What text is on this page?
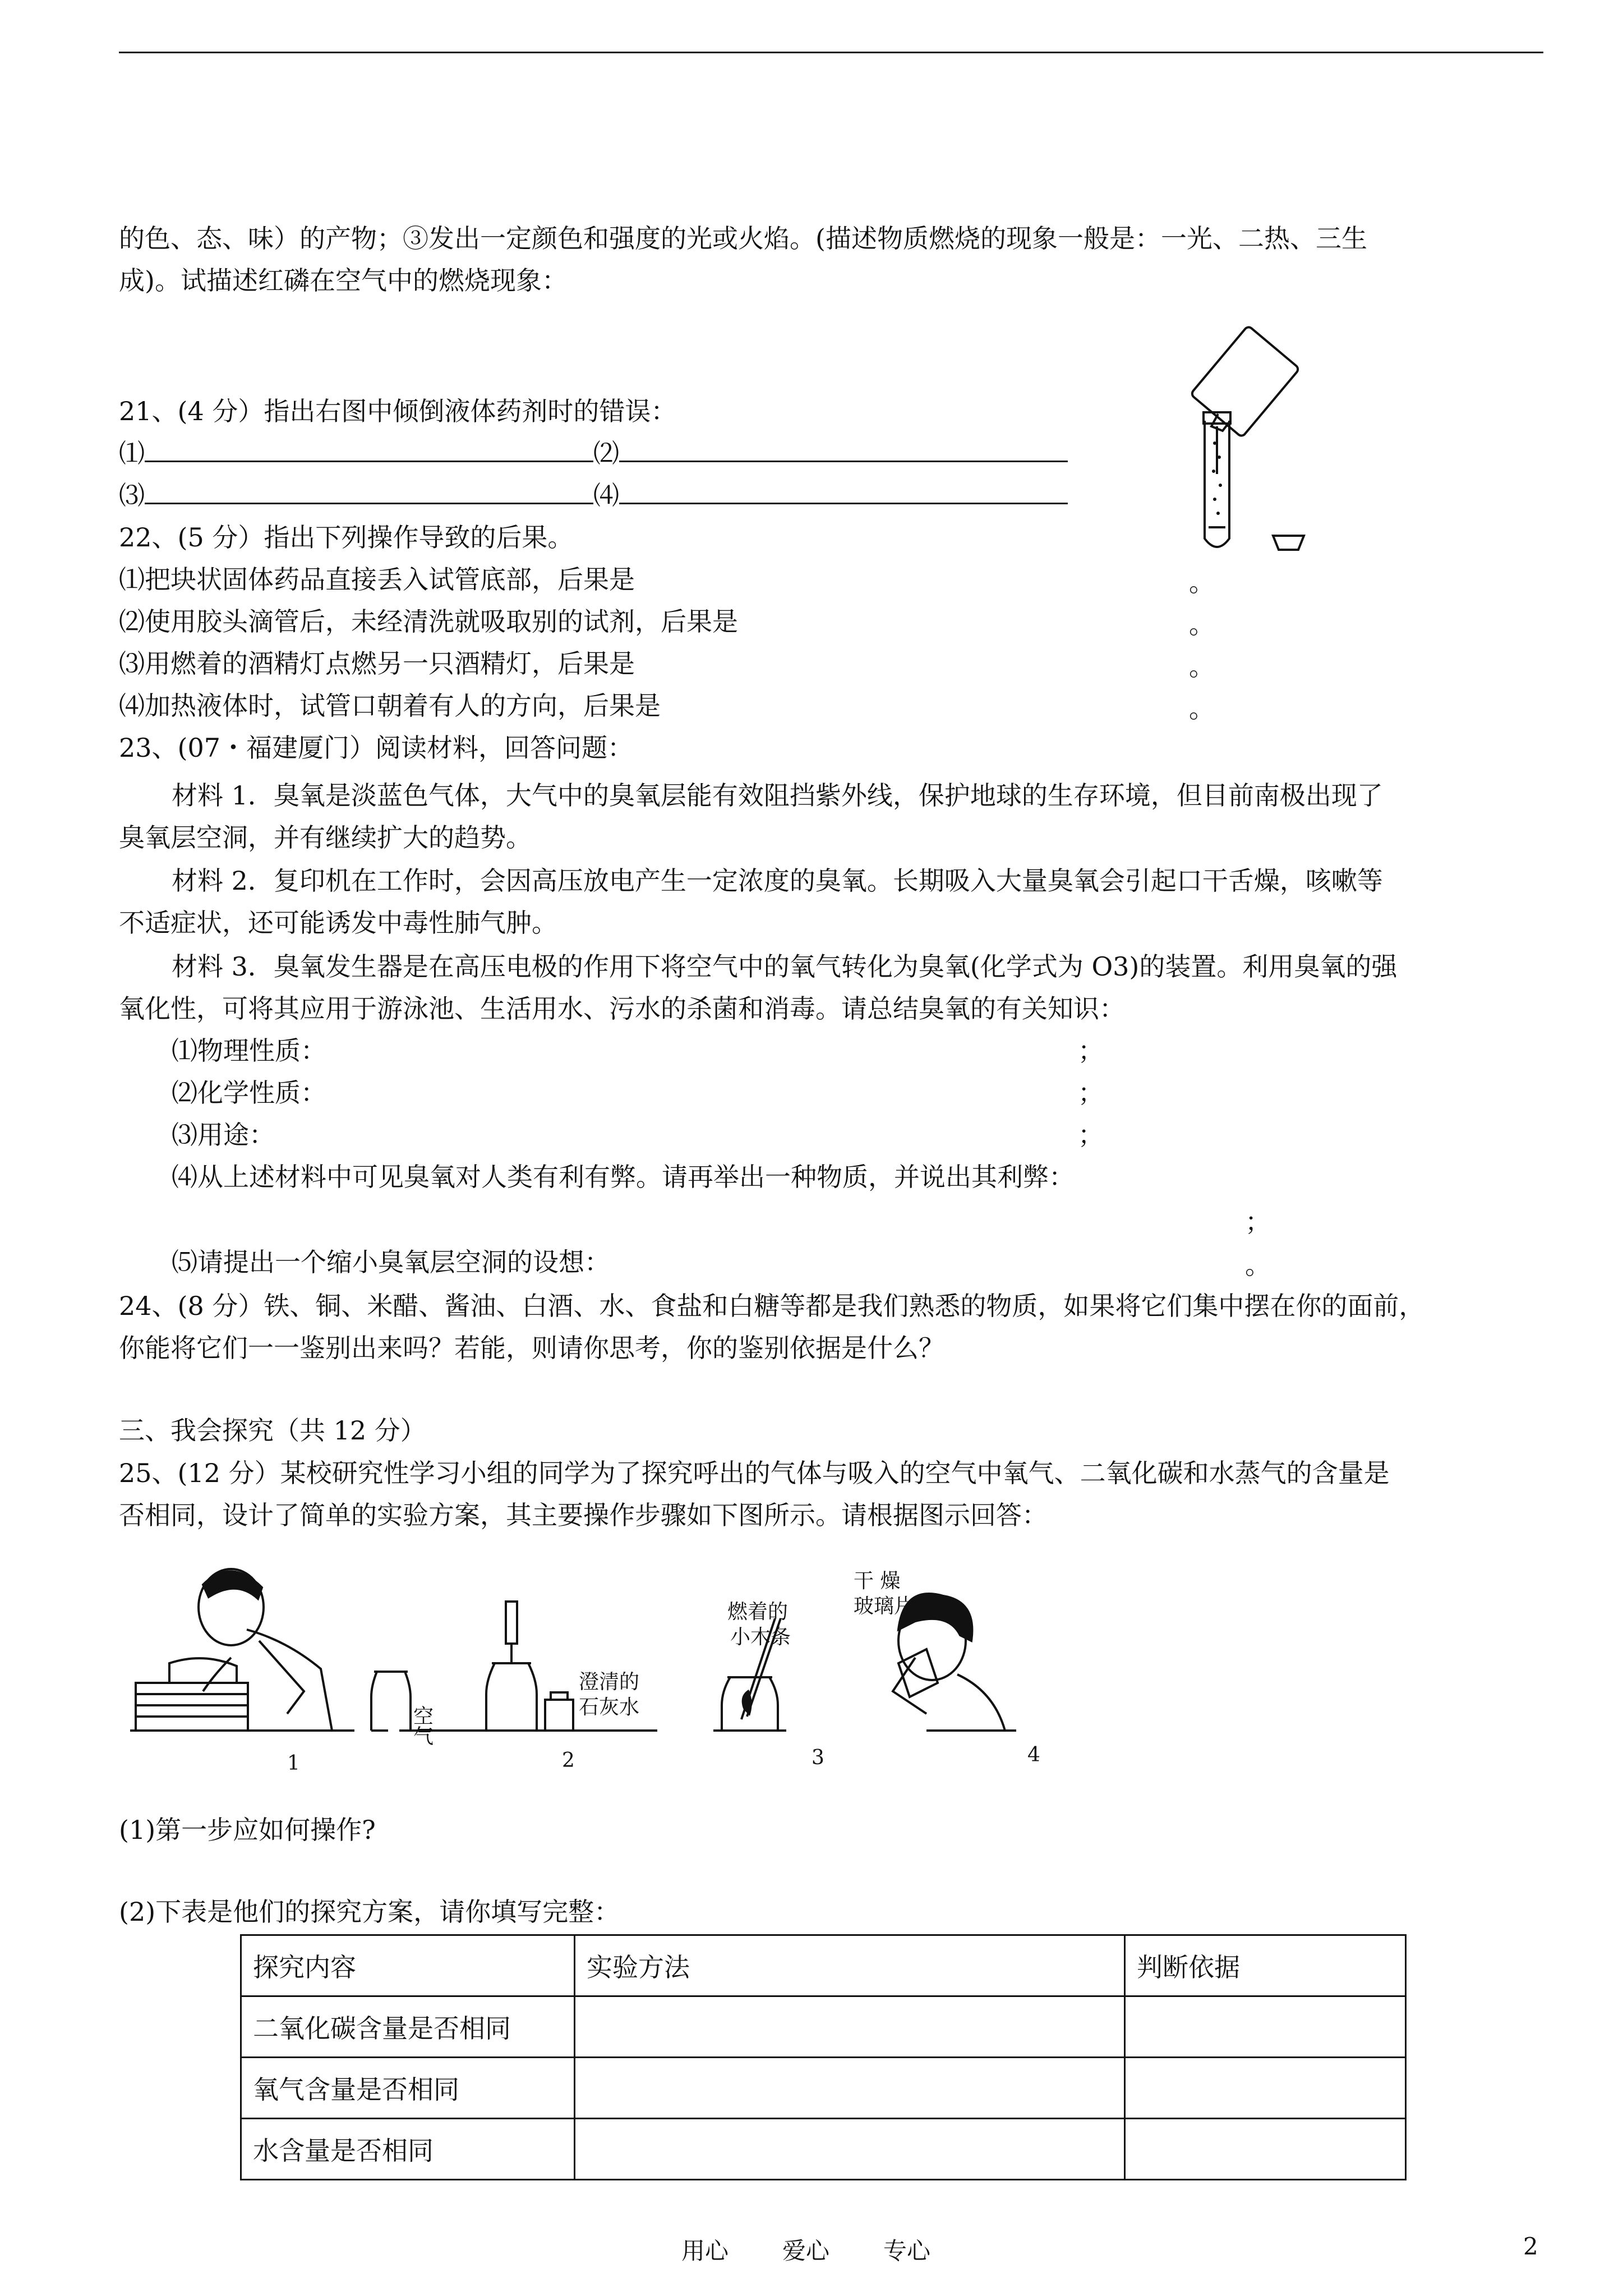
的色、态、味）的产物；③发出一定颜色和强度的光或火焰。(描述物质燃烧的现象一般是：一光、二热、三生
成)。试描述红磷在空气中的燃烧现象：
21、(4 分）指出右图中倾倒液体药剂时的错误：
⑴	⑵
⑶	⑷
22、(5 分）指出下列操作导致的后果。
⑴把块状固体药品直接丢入试管底部，后果是	。
⑵使用胶头滴管后，未经清洗就吸取别的试剂，后果是	。
⑶用燃着的酒精灯点燃另一只酒精灯，后果是	。
⑷加热液体时，试管口朝着有人的方向，后果是	。
23、(07・福建厦门）阅读材料，回答问题：
材料 1．臭氧是淡蓝色气体，大气中的臭氧层能有效阻挡紫外线，保护地球的生存环境，但目前南极出现了
臭氧层空洞，并有继续扩大的趋势。
材料 2．复印机在工作时，会因高压放电产生一定浓度的臭氧。长期吸入大量臭氧会引起口干舌燥，咳嗽等
不适症状，还可能诱发中毒性肺气肿。
材料 3．臭氧发生器是在高压电极的作用下将空气中的氧气转化为臭氧(化学式为 O3)的装置。利用臭氧的强
氧化性，可将其应用于游泳池、生活用水、污水的杀菌和消毒。请总结臭氧的有关知识：
⑴物理性质：	；
⑵化学性质：	；
⑶用途：	；
⑷从上述材料中可见臭氧对人类有利有弊。请再举出一种物质，并说出其利弊：
；
⑸请提出一个缩小臭氧层空洞的设想：	。
24、(8 分）铁、铜、米醋、酱油、白酒、水、食盐和白糖等都是我们熟悉的物质，如果将它们集中摆在你的面前，
你能将它们一一鉴别出来吗？若能，则请你思考，你的鉴别依据是什么？
三、我会探究（共 12 分）
25、(12 分）某校研究性学习小组的同学为了探究呼出的气体与吸入的空气中氧气、二氧化碳和水蒸气的含量是
否相同，设计了简单的实验方案，其主要操作步骤如下图所示。请根据图示回答：
空气
澄清的
石灰水
燃着的
小木条
干 燥
玻璃片
1	2	3	4
(1)第一步应如何操作?
(2)下表是他们的探究方案，请你填写完整：
探究内容	实验方法	判断依据
二氧化碳含量是否相同		
氧气含量是否相同		
水含量是否相同		
用心 爱心 专心	2
